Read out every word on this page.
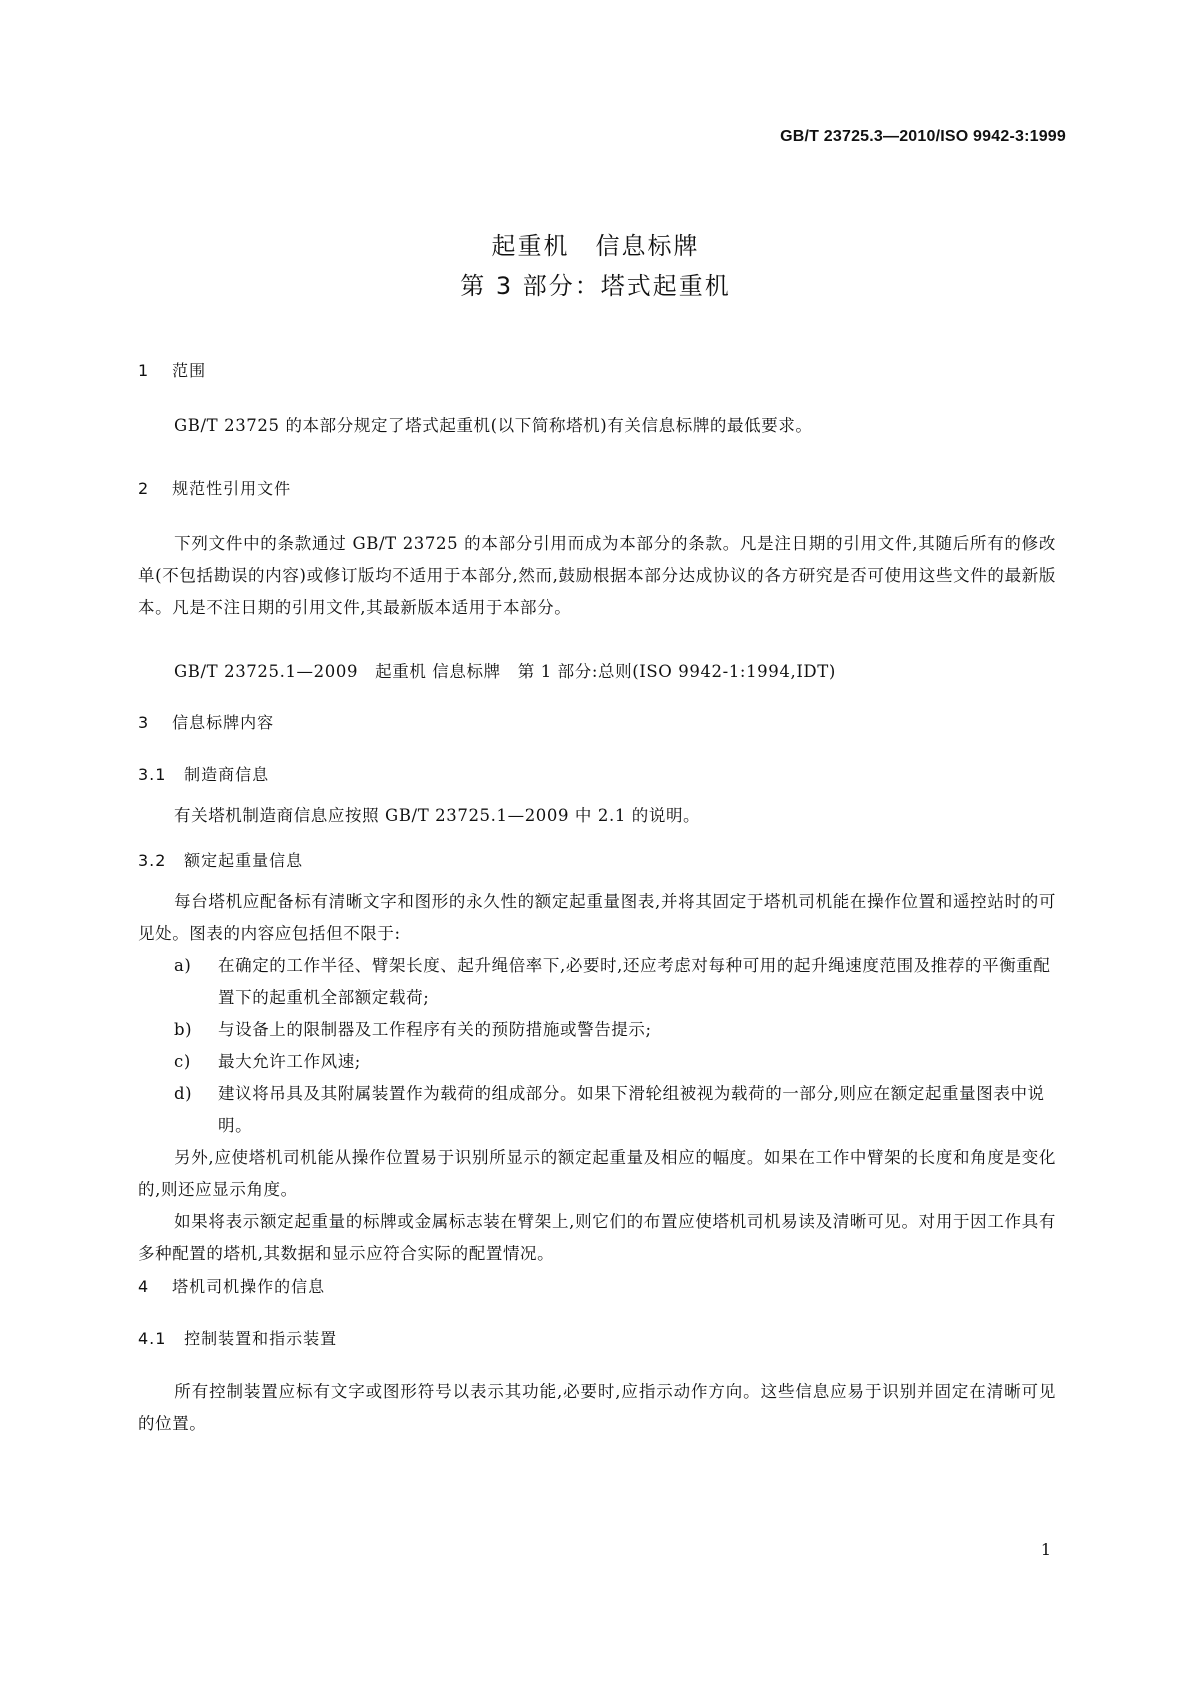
GB/T 23725.3—2010/ISO 9942-3:1999
起重机　信息标牌
第 3 部分：塔式起重机
1 范围
GB/T 23725 的本部分规定了塔式起重机(以下简称塔机)有关信息标牌的最低要求。
2 规范性引用文件
下列文件中的条款通过 GB/T 23725 的本部分引用而成为本部分的条款。凡是注日期的引用文件,其随后所有的修改单(不包括勘误的内容)或修订版均不适用于本部分,然而,鼓励根据本部分达成协议的各方研究是否可使用这些文件的最新版本。凡是不注日期的引用文件,其最新版本适用于本部分。
GB/T 23725.1—2009　起重机 信息标牌　第 1 部分:总则(ISO 9942-1:1994,IDT)
3 信息标牌内容
3.1 制造商信息
有关塔机制造商信息应按照 GB/T 23725.1—2009 中 2.1 的说明。
3.2 额定起重量信息
每台塔机应配备标有清晰文字和图形的永久性的额定起重量图表,并将其固定于塔机司机能在操作位置和遥控站时的可见处。图表的内容应包括但不限于:
a)	在确定的工作半径、臂架长度、起升绳倍率下,必要时,还应考虑对每种可用的起升绳速度范围及推荐的平衡重配置下的起重机全部额定载荷;
b)	与设备上的限制器及工作程序有关的预防措施或警告提示;
c)	最大允许工作风速;
d)	建议将吊具及其附属装置作为载荷的组成部分。如果下滑轮组被视为载荷的一部分,则应在额定起重量图表中说明。
另外,应使塔机司机能从操作位置易于识别所显示的额定起重量及相应的幅度。如果在工作中臂架的长度和角度是变化的,则还应显示角度。
如果将表示额定起重量的标牌或金属标志装在臂架上,则它们的布置应使塔机司机易读及清晰可见。对用于因工作具有多种配置的塔机,其数据和显示应符合实际的配置情况。
4 塔机司机操作的信息
4.1 控制装置和指示装置
所有控制装置应标有文字或图形符号以表示其功能,必要时,应指示动作方向。这些信息应易于识别并固定在清晰可见的位置。
1
